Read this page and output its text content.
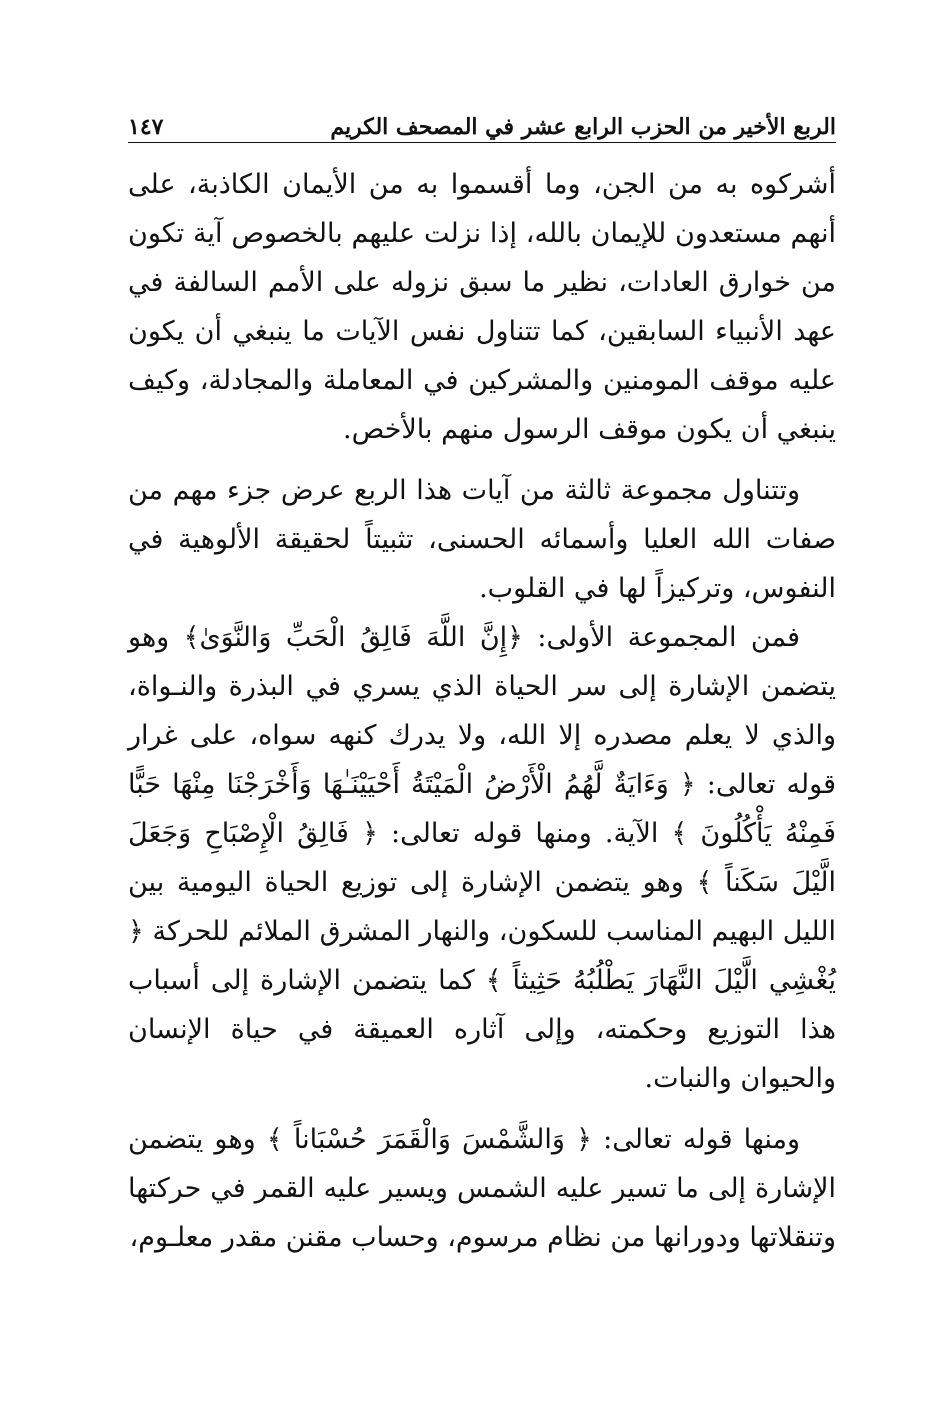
الربع الأخير من الحزب الرابع عشر في المصحف الكريم
١٤٧

أشركوه به من الجن، وما أقسموا به من الأيمان الكاذبة، على أنهم مستعدون للإيمان بالله، إذا نزلت عليهم بالخصوص آية تكون من خوارق العادات، نظير ما سبق نزوله على الأمم السالفة في عهد الأنبياء السابقين، كما تتناول نفس الآيات ما ينبغي أن يكون عليه موقف المومنين والمشركين في المعاملة والمجادلة، وكيف ينبغي أن يكون موقف الرسول منهم بالأخص.

وتتناول مجموعة ثالثة من آيات هذا الربع عرض جزء مهم من صفات الله العليا وأسمائه الحسنى، تثبيتاً لحقيقة الألوهية في النفوس، وتركيزاً لها في القلوب.

فمن المجموعة الأولى: ﴿إِنَّ اللَّهَ فَالِقُ الْحَبِّ وَالنَّوَىٰ﴾ وهو يتضمن الإشارة إلى سر الحياة الذي يسري في البذرة والنـواة، والذي لا يعلم مصدره إلا الله، ولا يدرك كنهه سواه، على غرار قوله تعالى: ﴿ وَءَايَةٌ لَّهُمُ الْأَرْضُ الْمَيْتَةُ أَحْيَيْنَـٰهَا وَأَخْرَجْنَا مِنْهَا حَبًّا فَمِنْهُ يَأْكُلُونَ ﴾ الآية. ومنها قوله تعالى: ﴿ فَالِقُ الْإِصْبَاحِ وَجَعَلَ الَّيْلَ سَكَناً ﴾ وهو يتضمن الإشارة إلى توزيع الحياة اليومية بين الليل البهيم المناسب للسكون، والنهار المشرق الملائم للحركة ﴿ يُغْشِي الَّيْلَ النَّهَارَ يَطْلُبُهُ حَثِيثاً ﴾ كما يتضمن الإشارة إلى أسباب هذا التوزيع وحكمته، وإلى آثاره العميقة في حياة الإنسان والحيوان والنبات.

ومنها قوله تعالى: ﴿ وَالشَّمْسَ وَالْقَمَرَ حُسْبَاناً ﴾ وهو يتضمن الإشارة إلى ما تسير عليه الشمس ويسير عليه القمر في حركتها وتنقلاتها ودورانها من نظام مرسوم، وحساب مقنن مقدر معلـوم،
